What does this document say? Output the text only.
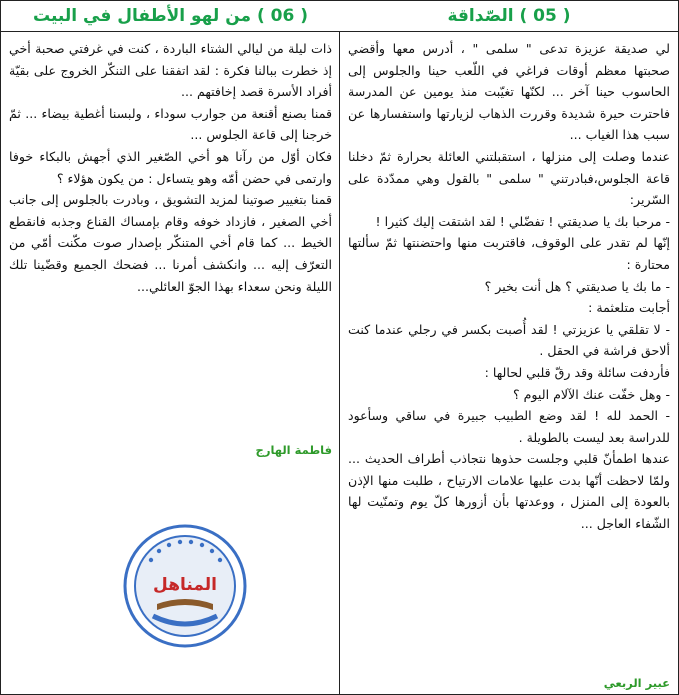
( 05 ) الصّداقة

لي صديقة عزيزة تدعى " سلمى " ، أدرس معها وأقضي صحبتها معظم أوقات فراغي في اللّعب حينا والجلوس إلى الحاسوب حينا آخر ... لكنّها تغيّبت منذ يومين عن المدرسة فاحترت حيرة شديدة وقررت الذهاب لزيارتها واستفسارها عن سبب هذا الغياب ...

عندما وصلت إلى منزلها ، استقبلتني العائلة بحرارة ثمّ دخلنا قاعة الجلوس،فبادرتني " سلمى " بالقول وهي ممدّدة على السّرير:

- مرحبا بك يا صديقتي ! تفضّلي ! لقد اشتقت إليك كثيرا !

إنّها لم تقدر على الوقوف، فاقتربت منها واحتضنتها ثمّ سألتها محتارة :

- ما بك يا صديقتي ؟ هل أنت بخير ؟

أجابت متلعثمة :

- لا تقلقي يا عزيزتي ! لقد أُصبت بكسر في رجلي عندما كنت ألاحق فراشة في الحقل .

فأردفت سائلة وقد رقّ قلبي لحالها :

- وهل خفّت عنك الآلام اليوم ؟

- الحمد لله ! لقد وضع الطبيب جبيرة في ساقي وسأعود للدراسة بعد ليست بالطويلة .

عندها اطمأنّ قلبي وجلست حذوها نتجاذب أطراف الحديث ... ولمّا لاحظت أنّها بدت عليها علامات الارتياح ، طلبت منها الإذن بالعودة إلى المنزل ، ووعدتها بأن أزورها كلّ يوم وتمنّيت لها الشّفاء العاجل ...

عبير الربعي
( 06 ) من لهو الأطفال في البيت

ذات ليلة من ليالي الشتاء الباردة ، كنت في غرفتي صحبة أخي إذ خطرت ببالنا فكرة : لقد اتفقنا على التنكّر الخروج على بقيّة أفراد الأسرة قصد إخافتهم ...

قمنا بصنع أقنعة من جوارب سوداء ، ولبسنا أغطية بيضاء ... ثمّ خرجنا إلى قاعة الجلوس ...

فكان أوّل من رآنا هو أخي الصّغير الذي أجهش بالبكاء خوفا وارتمى في حضن أمّه وهو يتساءل : من يكون هؤلاء ؟

قمنا بتغيير صوتينا لمزيد التشويق ، وبادرت بالجلوس إلى جانب أخي الصغير ، فازداد خوفه وقام بإمساك القناع وجذبه فانقطع الخيط ... كما قام أخي المتنكّر بإصدار صوت مكّنت أمّي من التعرّف إليه ... وانكشف أمرنا ... فضحك الجميع وقضّينا تلك الليلة ونحن سعداء بهذا الجوّ العائلي...

فاطمة الهارج
المناهل
